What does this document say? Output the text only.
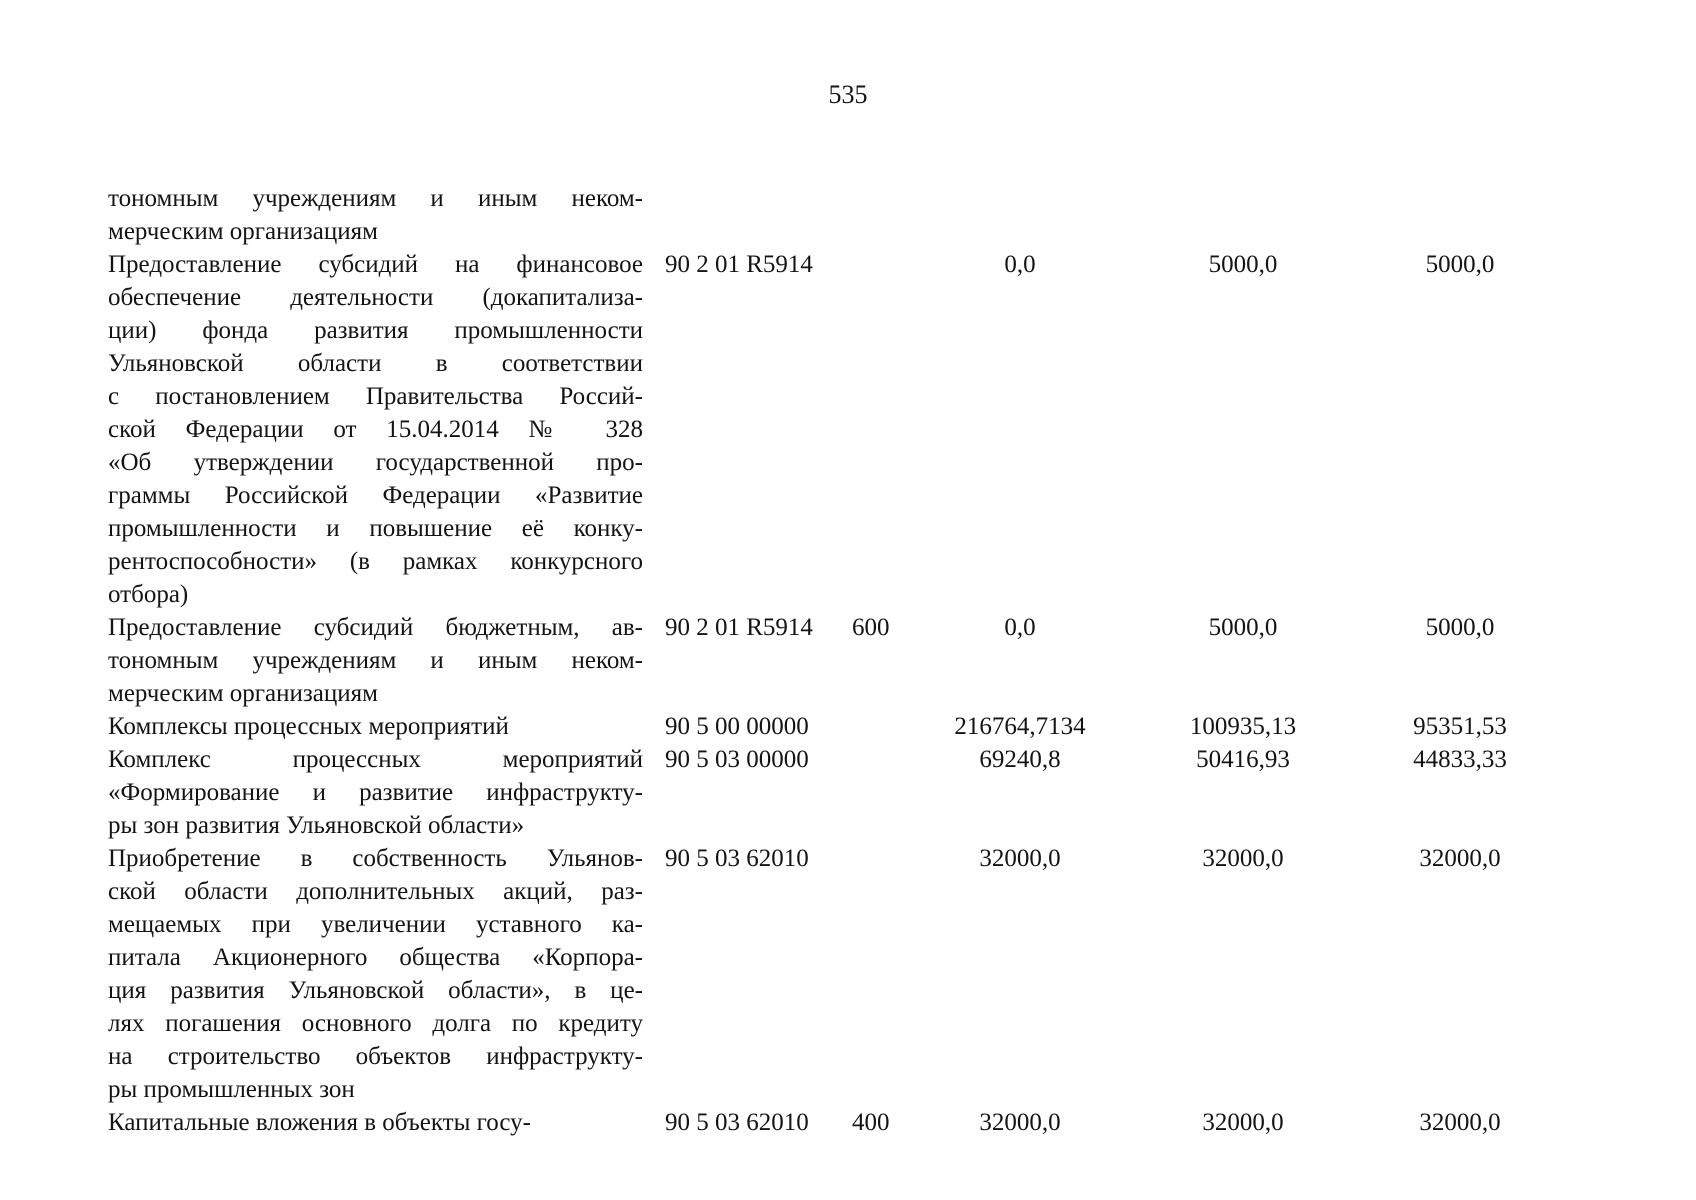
535
тономным учреждениям и иным неком-
мерческим организациям
Предоставление субсидий на финансовое
обеспечение деятельности (докапитализа-
ции) фонда развития промышленности
Ульяновской области в соответствии
с постановлением Правительства Россий-
ской Федерации от 15.04.2014 № 328
«Об утверждении государственной про-
граммы Российской Федерации «Развитие
промышленности и повышение её конку-
рентоспособности» (в рамках конкурсного
отбора)
90 2 01 R5914	0,0	5000,0	5000,0
Предоставление субсидий бюджетным, ав-
тономным учреждениям и иным неком-
мерческим организациям
90 2 01 R5914 600	0,0	5000,0	5000,0
Комплексы процессных мероприятий	90 5 00 00000	216764,7134	100935,13	95351,53
Комплекс процессных мероприятий
«Формирование и развитие инфраструкту-
ры зон развития Ульяновской области»
90 5 03 00000	69240,8	50416,93	44833,33
Приобретение в собственность Ульянов-
ской области дополнительных акций, раз-
мещаемых при увеличении уставного ка-
питала Акционерного общества «Корпора-
ция развития Ульяновской области», в це-
лях погашения основного долга по кредиту
на строительство объектов инфраструкту-
ры промышленных зон
90 5 03 62010	32000,0	32000,0	32000,0
Капитальные вложения в объекты госу-	90 5 03 62010 400	32000,0	32000,0	32000,0
